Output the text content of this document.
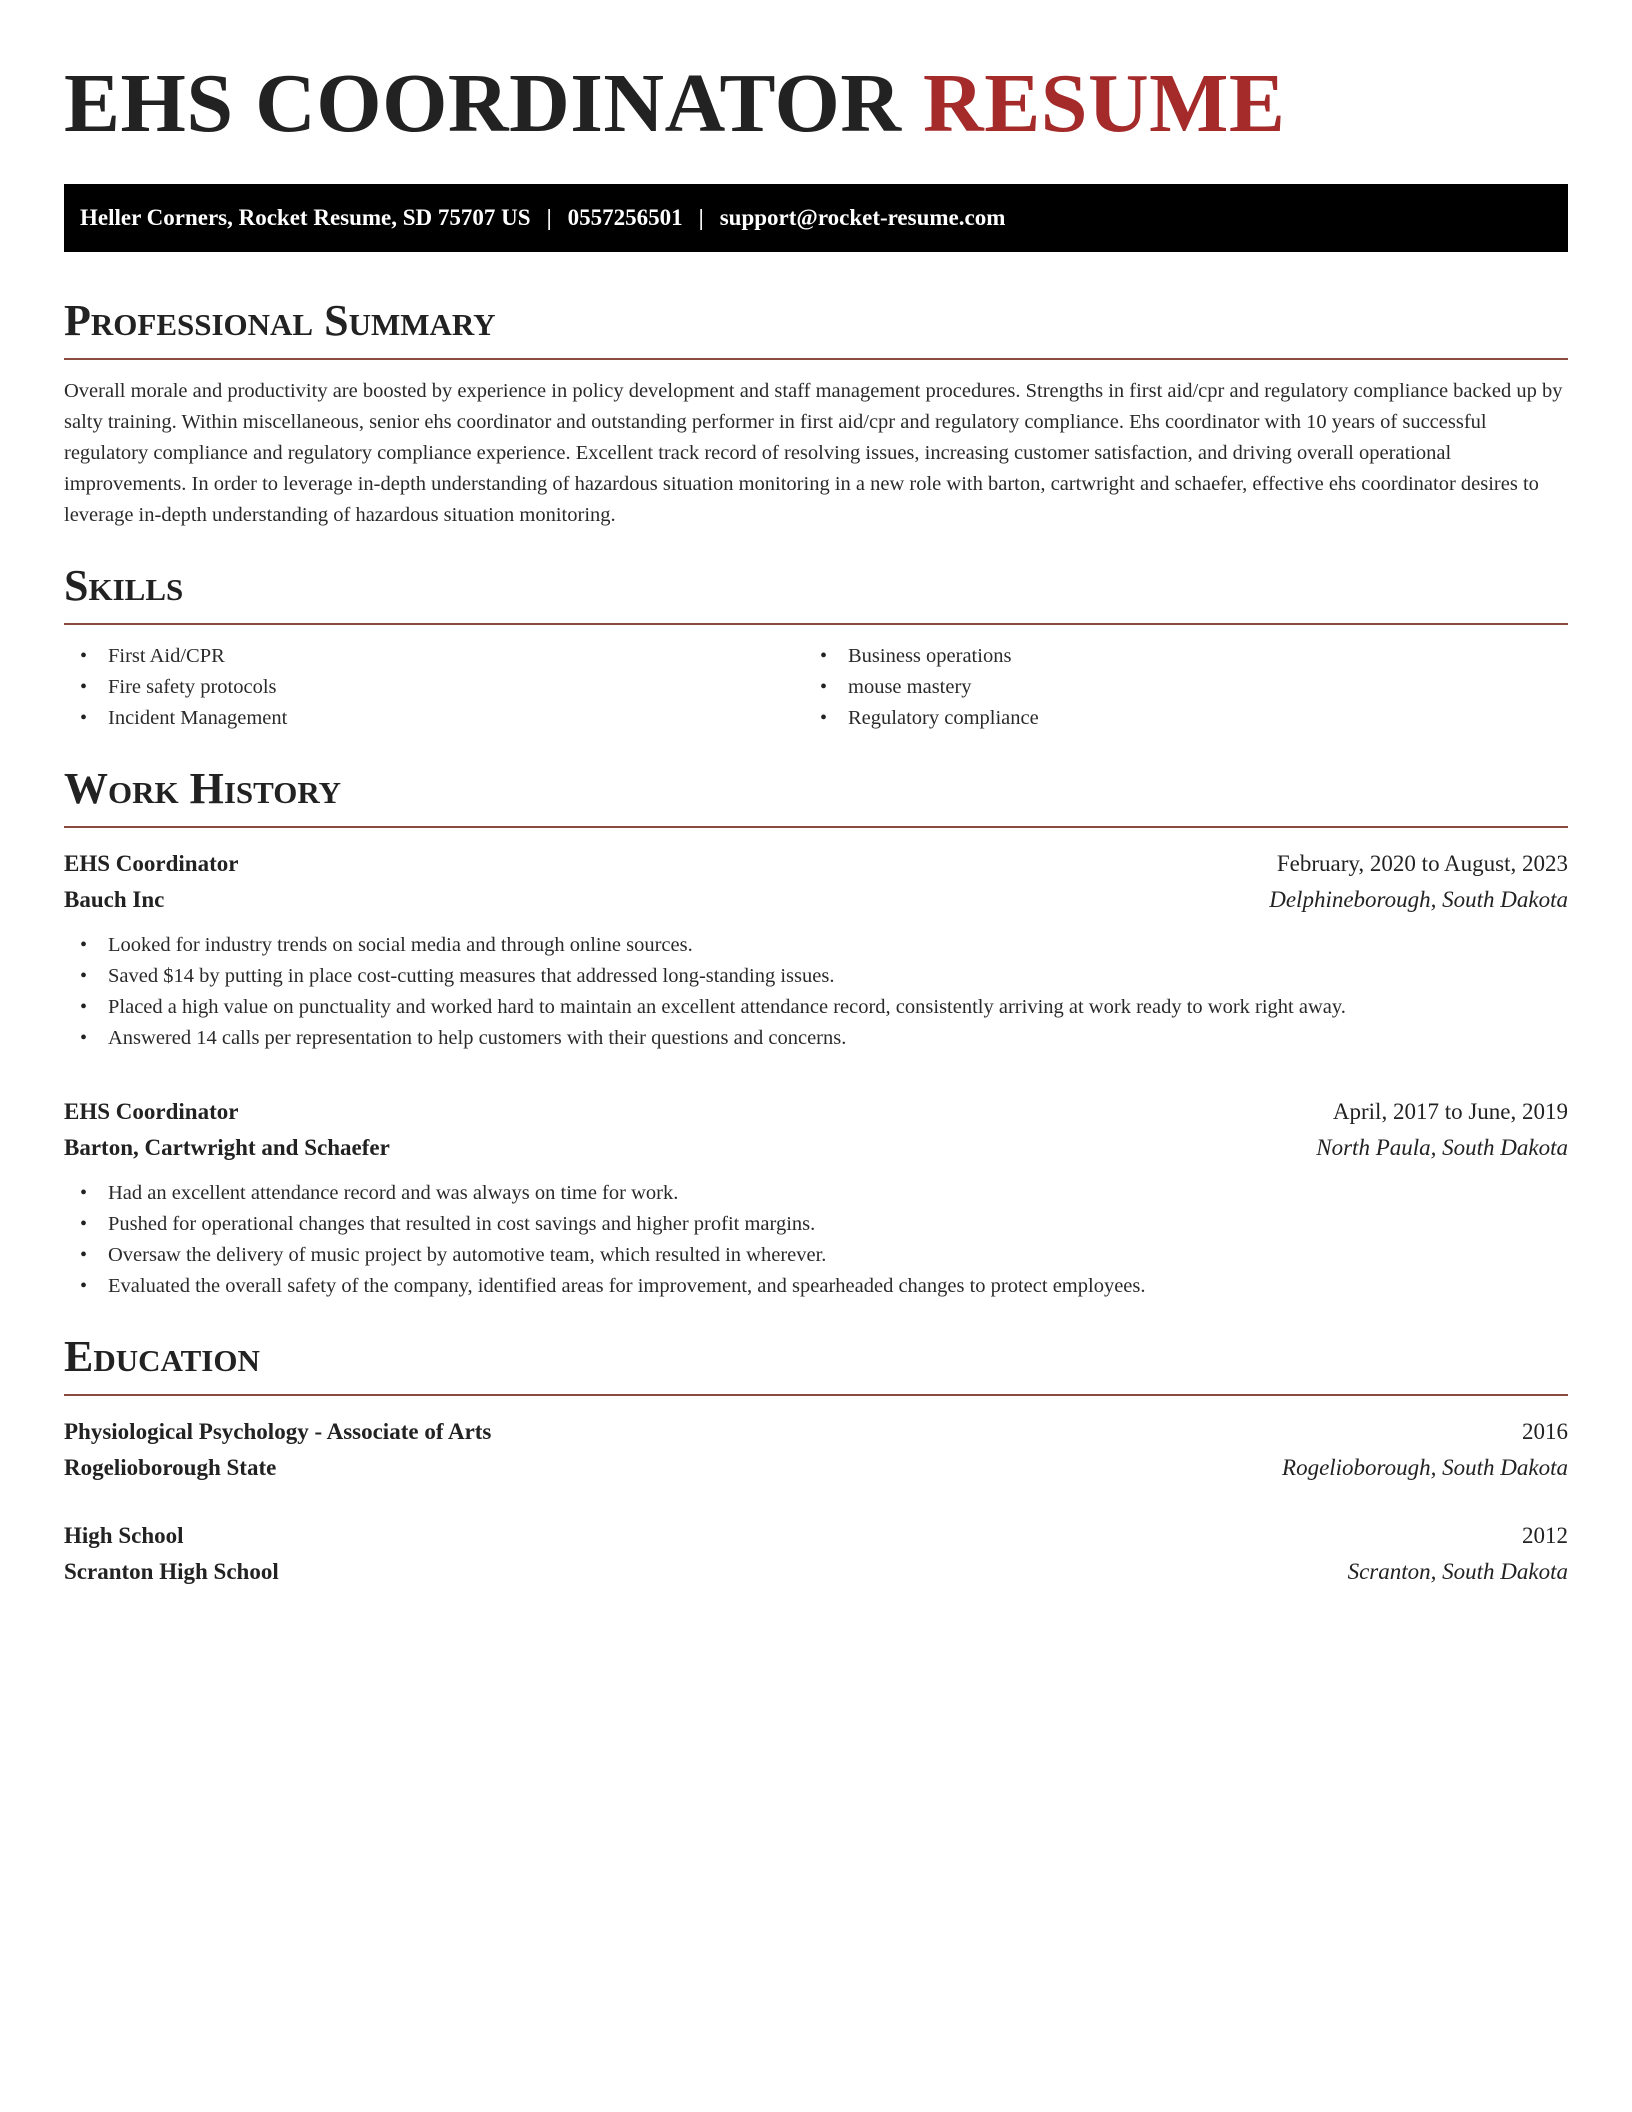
EHS COORDINATOR RESUME
Heller Corners, Rocket Resume, SD 75707 US | 0557256501 | support@rocket-resume.com
Professional Summary

Overall morale and productivity are boosted by experience in policy development and staff management procedures. Strengths in first aid/cpr and regulatory compliance backed up by salty training. Within miscellaneous, senior ehs coordinator and outstanding performer in first aid/cpr and regulatory compliance. Ehs coordinator with 10 years of successful regulatory compliance and regulatory compliance experience. Excellent track record of resolving issues, increasing customer satisfaction, and driving overall operational improvements. In order to leverage in-depth understanding of hazardous situation monitoring in a new role with barton, cartwright and schaefer, effective ehs coordinator desires to leverage in-depth understanding of hazardous situation monitoring.

Skills
• First Aid/CPR
• Fire safety protocols
• Incident Management
• Business operations
• mouse mastery
• Regulatory compliance
Work History
EHS Coordinator	February, 2020 to August, 2023
Bauch Inc	Delphineborough, South Dakota
• Looked for industry trends on social media and through online sources.
• Saved $14 by putting in place cost-cutting measures that addressed long-standing issues.
• Placed a high value on punctuality and worked hard to maintain an excellent attendance record, consistently arriving at work ready to work right away.
• Answered 14 calls per representation to help customers with their questions and concerns.
EHS Coordinator	April, 2017 to June, 2019
Barton, Cartwright and Schaefer	North Paula, South Dakota
• Had an excellent attendance record and was always on time for work.
• Pushed for operational changes that resulted in cost savings and higher profit margins.
• Oversaw the delivery of music project by automotive team, which resulted in wherever.
• Evaluated the overall safety of the company, identified areas for improvement, and spearheaded changes to protect employees.
Education
Physiological Psychology - Associate of Arts	2016
Rogelioborough State	Rogelioborough, South Dakota
High School	2012
Scranton High School	Scranton, South Dakota
